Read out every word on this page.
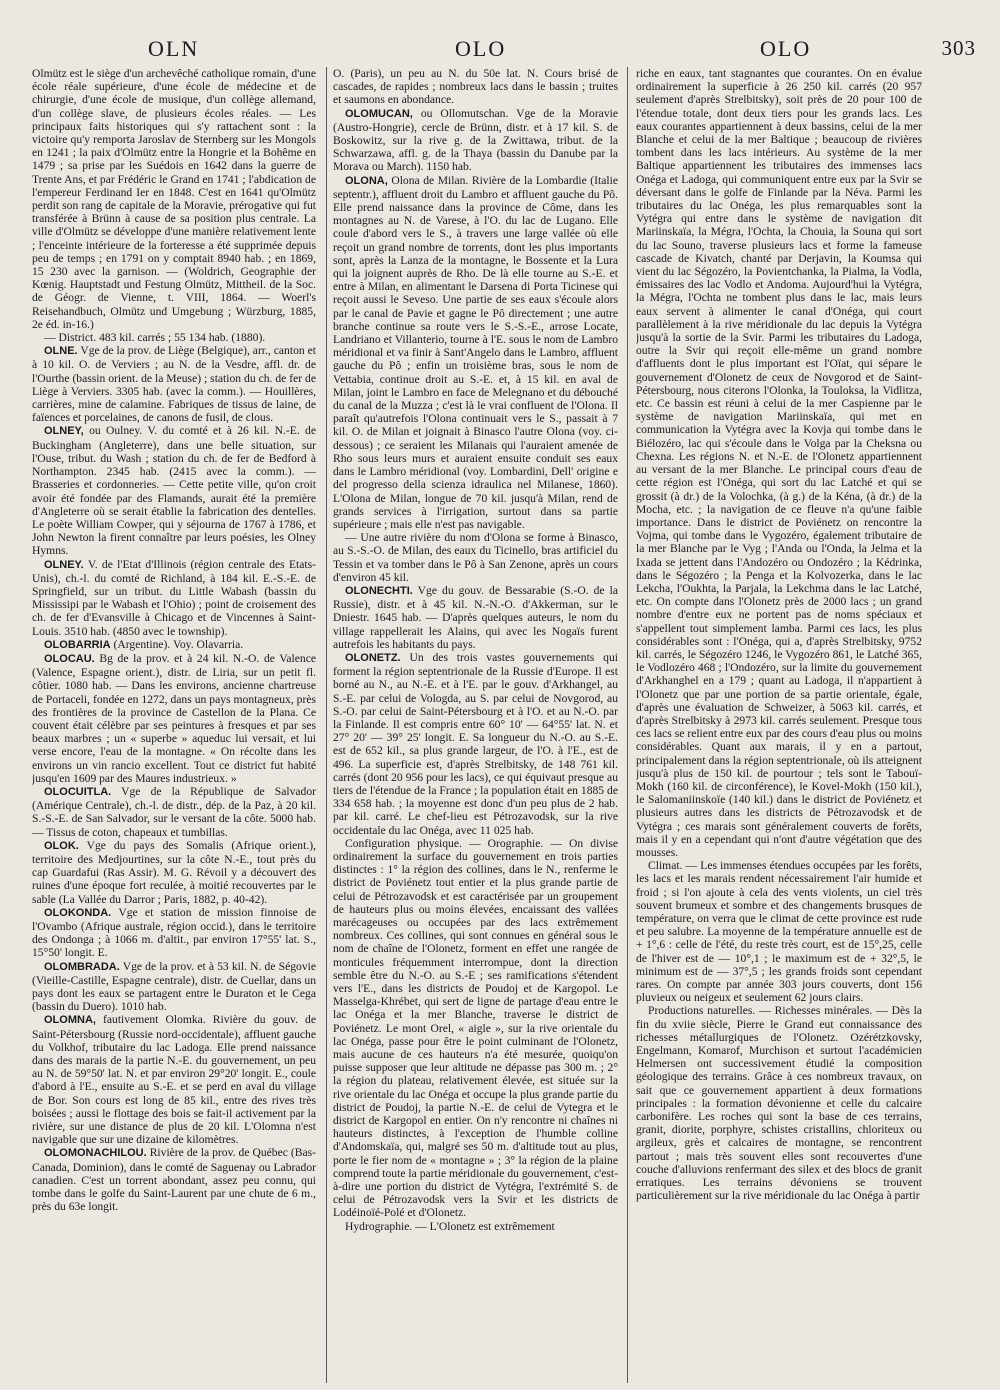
OLN	OLO	OLO	303

Olmütz est le siège d'un archevêché catholique romain, d'une école réale supérieure, d'une école de médecine et de chirurgie, d'une école de musique, d'un collège allemand, d'un collège slave, de plusieurs écoles réales. — Les principaux faits historiques qui s'y rattachent sont : la victoire qu'y remporta Jaroslav de Sternberg sur les Mongols en 1241 ; la paix d'Olmütz entre la Hongrie et la Bohême en 1479 ; sa prise par les Suédois en 1642 dans la guerre de Trente Ans, et par Frédéric le Grand en 1741 ; l'abdication de l'empereur Ferdinand Ier en 1848. C'est en 1641 qu'Olmütz perdit son rang de capitale de la Moravie, prérogative qui fut transférée à Brünn à cause de sa position plus centrale. La ville d'Olmütz se développe d'une manière relativement lente ; l'enceinte intérieure de la forteresse a été supprimée depuis peu de temps ; en 1791 on y comptait 8940 hab. ; en 1869, 15 230 avec la garnison. — (Woldrich, Geographie der Kœnig. Hauptstadt und Festung Olmütz, Mittheil. de la Soc. de Géogr. de Vienne, t. VIII, 1864. — Woerl's Reisehandbuch, Olmütz und Umgebung ; Würzburg, 1885, 2e éd. in-16.)

— District. 483 kil. carrés ; 55 134 hab. (1880).

OLNE. Vge de la prov. de Liège (Belgique), arr., canton et à 10 kil. O. de Verviers ; au N. de la Vesdre, affl. dr. de l'Ourthe (bassin orient. de la Meuse) ; station du ch. de fer de Liège à Verviers. 3305 hab. (avec la comm.). — Houillères, carrières, mine de calamine. Fabriques de tissus de laine, de faïences et porcelaines, de canons de fusil, de clous.

OLNEY, ou Oulney. V. du comté et à 26 kil. N.-E. de Buckingham (Angleterre), dans une belle situation, sur l'Ouse, tribut. du Wash ; station du ch. de fer de Bedford à Northampton. 2345 hab. (2415 avec la comm.). — Brasseries et cordonneries. — Cette petite ville, qu'on croit avoir été fondée par des Flamands, aurait été la première d'Angleterre où se serait établie la fabrication des dentelles. Le poète William Cowper, qui y séjourna de 1767 à 1786, et John Newton la firent connaître par leurs poésies, les Olney Hymns.

OLNEY. V. de l'Etat d'Illinois (région centrale des Etats-Unis), ch.-l. du comté de Richland, à 184 kil. E.-S.-E. de Springfield, sur un tribut. du Little Wabash (bassin du Mississipi par le Wabash et l'Ohio) ; point de croisement des ch. de fer d'Evansville à Chicago et de Vincennes à Saint-Louis. 3510 hab. (4850 avec le township).

OLOBARRIA (Argentine). Voy. Olavarria.

OLOCAU. Bg de la prov. et à 24 kil. N.-O. de Valence (Valence, Espagne orient.), distr. de Liria, sur un petit fl. côtier. 1080 hab. — Dans les environs, ancienne chartreuse de Portaceli, fondée en 1272, dans un pays montagneux, près des frontières de la province de Castellon de la Plana. Ce couvent était célèbre par ses peintures à fresques et par ses beaux marbres ; un « superbe » aqueduc lui versait, et lui verse encore, l'eau de la montagne. « On récolte dans les environs un vin rancio excellent. Tout ce district fut habité jusqu'en 1609 par des Maures industrieux. »

OLOCUITLA. Vge de la République de Salvador (Amérique Centrale), ch.-l. de distr., dép. de la Paz, à 20 kil. S.-S.-E. de San Salvador, sur le versant de la côte. 5000 hab. — Tissus de coton, chapeaux et tumbillas.

OLOK. Vge du pays des Somalis (Afrique orient.), territoire des Medjourtines, sur la côte N.-E., tout près du cap Guardafui (Ras Assir). M. G. Révoil y a découvert des ruines d'une époque fort reculée, à moitié recouvertes par le sable (La Vallée du Darror ; Paris, 1882, p. 40-42).

OLOKONDA. Vge et station de mission finnoise de l'Ovambo (Afrique australe, région occid.), dans le territoire des Ondonga ; à 1066 m. d'altit., par environ 17°55' lat. S., 15°50' longit. E.

OLOMBRADA. Vge de la prov. et à 53 kil. N. de Ségovie (Vieille-Castille, Espagne centrale), distr. de Cuellar, dans un pays dont les eaux se partagent entre le Duraton et le Cega (bassin du Duero). 1010 hab.

OLOMNA, fautivement Olomka. Rivière du gouv. de Saint-Pétersbourg (Russie nord-occidentale), affluent gauche du Volkhof, tributaire du lac Ladoga. Elle prend naissance dans des marais de la partie N.-E. du gouvernement, un peu au N. de 59°50' lat. N. et par environ 29°20' longit. E., coule d'abord à l'E., ensuite au S.-E. et se perd en aval du village de Bor. Son cours est long de 85 kil., entre des rives très boisées ; aussi le flottage des bois se fait-il activement par la rivière, sur une distance de plus de 20 kil. L'Olomna n'est navigable que sur une dizaine de kilomètres.

OLOMONACHILOU. Rivière de la prov. de Québec (Bas-Canada, Dominion), dans le comté de Saguenay ou Labrador canadien. C'est un torrent abondant, assez peu connu, qui tombe dans le golfe du Saint-Laurent par une chute de 6 m., près du 63e longit.

O. (Paris), un peu au N. du 50e lat. N. Cours brisé de cascades, de rapides ; nombreux lacs dans le bassin ; truites et saumons en abondance.

OLOMUCAN, ou Ollomutschan. Vge de la Moravie (Austro-Hongrie), cercle de Brünn, distr. et à 17 kil. S. de Boskowitz, sur la rive g. de la Zwittawa, tribut. de la Schwarzawa, affl. g. de la Thaya (bassin du Danube par la Morava ou March). 1150 hab.

OLONA, Olona de Milan. Rivière de la Lombardie (Italie septentr.), affluent droit du Lambro et affluent gauche du Pô. Elle prend naissance dans la province de Côme, dans les montagnes au N. de Varese, à l'O. du lac de Lugano. Elle coule d'abord vers le S., à travers une large vallée où elle reçoit un grand nombre de torrents, dont les plus importants sont, après la Lanza de la montagne, le Bossente et la Lura qui la joignent auprès de Rho. De là elle tourne au S.-E. et entre à Milan, en alimentant le Darsena di Porta Ticinese qui reçoit aussi le Seveso. Une partie de ses eaux s'écoule alors par le canal de Pavie et gagne le Pô directement ; une autre branche continue sa route vers le S.-S.-E., arrose Locate, Landriano et Villanterio, tourne à l'E. sous le nom de Lambro méridional et va finir à Sant'Angelo dans le Lambro, affluent gauche du Pô ; enfin un troisième bras, sous le nom de Vettabia, continue droit au S.-E. et, à 15 kil. en aval de Milan, joint le Lambro en face de Melegnano et du débouché du canal de la Muzza ; c'est là le vrai confluent de l'Olona. Il paraît qu'autrefois l'Olona continuait vers le S., passait à 7 kil. O. de Milan et joignait à Binasco l'autre Olona (voy. ci-dessous) ; ce seraient les Milanais qui l'auraient amenée de Rho sous leurs murs et auraient ensuite conduit ses eaux dans le Lambro méridional (voy. Lombardini, Dell' origine e del progresso della scienza idraulica nel Milanese, 1860). L'Olona de Milan, longue de 70 kil. jusqu'à Milan, rend de grands services à l'irrigation, surtout dans sa partie supérieure ; mais elle n'est pas navigable.

— Une autre rivière du nom d'Olona se forme à Binasco, au S.-S.-O. de Milan, des eaux du Ticinello, bras artificiel du Tessin et va tomber dans le Pô à San Zenone, après un cours d'environ 45 kil.

OLONECHTI. Vge du gouv. de Bessarabie (S.-O. de la Russie), distr. et à 45 kil. N.-N.-O. d'Akkerman, sur le Dniestr. 1645 hab. — D'après quelques auteurs, le nom du village rappellerait les Alains, qui avec les Nogaïs furent autrefois les habitants du pays.

OLONETZ. Un des trois vastes gouvernements qui forment la région septentrionale de la Russie d'Europe. Il est borné au N., au N.-E. et à l'E. par le gouv. d'Arkhangel, au S.-E. par celui de Vologda, au S. par celui de Novgorod, au S.-O. par celui de Saint-Pétersbourg et à l'O. et au N.-O. par la Finlande. Il est compris entre 60° 10' — 64°55' lat. N. et 27° 20' — 39° 25' longit. E. Sa longueur du N.-O. au S.-E. est de 652 kil., sa plus grande largeur, de l'O. à l'E., est de 496. La superficie est, d'après Strelbitsky, de 148 761 kil. carrés (dont 20 956 pour les lacs), ce qui équivaut presque au tiers de l'étendue de la France ; la population était en 1885 de 334 658 hab. ; la moyenne est donc d'un peu plus de 2 hab. par kil. carré. Le chef-lieu est Pétrozavodsk, sur la rive occidentale du lac Onéga, avec 11 025 hab.

Configuration physique. — Orographie. — On divise ordinairement la surface du gouvernement en trois parties distinctes : 1° la région des collines, dans le N., renferme le district de Poviénetz tout entier et la plus grande partie de celui de Pétrozavodsk et est caractérisée par un groupement de hauteurs plus ou moins élevées, encaissant des vallées marécageuses ou occupées par des lacs extrêmement nombreux. Ces collines, qui sont connues en général sous le nom de chaîne de l'Olonetz, forment en effet une rangée de monticules fréquemment interrompue, dont la direction semble être du N.-O. au S.-E ; ses ramifications s'étendent vers l'E., dans les districts de Poudoj et de Kargopol. Le Masselga-Khrébet, qui sert de ligne de partage d'eau entre le lac Onéga et la mer Blanche, traverse le district de Poviénetz. Le mont Orel, « aigle », sur la rive orientale du lac Onéga, passe pour être le point culminant de l'Olonetz, mais aucune de ces hauteurs n'a été mesurée, quoiqu'on puisse supposer que leur altitude ne dépasse pas 300 m. ; 2° la région du plateau, relativement élevée, est située sur la rive orientale du lac Onéga et occupe la plus grande partie du district de Poudoj, la partie N.-E. de celui de Vytegra et le district de Kargopol en entier. On n'y rencontre ni chaînes ni hauteurs distinctes, à l'exception de l'humble colline d'Andomskaïa, qui, malgré ses 50 m. d'altitude tout au plus, porte le fier nom de « montagne » ; 3° la région de la plaine comprend toute la partie méridionale du gouvernement, c'est-à-dire une portion du district de Vytégra, l'extrémité S. de celui de Pétrozavodsk vers la Svir et les districts de Lodéinoïé-Polé et d'Olonetz.

Hydrographie. — L'Olonetz est extrêmement

riche en eaux, tant stagnantes que courantes. On en évalue ordinairement la superficie à 26 250 kil. carrés (20 957 seulement d'après Strelbitsky), soit près de 20 pour 100 de l'étendue totale, dont deux tiers pour les grands lacs. Les eaux courantes appartiennent à deux bassins, celui de la mer Blanche et celui de la mer Baltique ; beaucoup de rivières tombent dans les lacs intérieurs. Au système de la mer Baltique appartiennent les tributaires des immenses lacs Onéga et Ladoga, qui communiquent entre eux par la Svir se déversant dans le golfe de Finlande par la Néva. Parmi les tributaires du lac Onéga, les plus remarquables sont la Vytégra qui entre dans le système de navigation dit Mariinskaïa, la Mégra, l'Ochta, la Chouia, la Souna qui sort du lac Souno, traverse plusieurs lacs et forme la fameuse cascade de Kivatch, chanté par Derjavin, la Koumsa qui vient du lac Ségozéro, la Povientchanka, la Pialma, la Vodla, émissaires des lac Vodlo et Andoma. Aujourd'hui la Vytégra, la Mégra, l'Ochta ne tombent plus dans le lac, mais leurs eaux servent à alimenter le canal d'Onéga, qui court parallèlement à la rive méridionale du lac depuis la Vytégra jusqu'à la sortie de la Svir. Parmi les tributaires du Ladoga, outre la Svir qui reçoit elle-même un grand nombre d'affluents dont le plus important est l'Oïat, qui sépare le gouvernement d'Olonetz de ceux de Novgorod et de Saint-Pétersbourg, nous citerons l'Olonka, la Touloksa, la Vidlitza, etc. Ce bassin est réuni à celui de la mer Caspienne par le système de navigation Mariinskaïa, qui met en communication la Vytégra avec la Kovja qui tombe dans le Biélozéro, lac qui s'écoule dans le Volga par la Cheksna ou Chexna. Les régions N. et N.-E. de l'Olonetz appartiennent au versant de la mer Blanche. Le principal cours d'eau de cette région est l'Onéga, qui sort du lac Latché et qui se grossit (à dr.) de la Volochka, (à g.) de la Kéna, (à dr.) de la Mocha, etc. ; la navigation de ce fleuve n'a qu'une faible importance. Dans le district de Poviénetz on rencontre la Vojma, qui tombe dans le Vygozéro, également tributaire de la mer Blanche par le Vyg ; l'Anda ou l'Onda, la Jelma et la Ixada se jettent dans l'Andozéro ou Ondozéro ; la Kédrinka, dans le Ségozéro ; la Penga et la Kolvozerka, dans le lac Lekcha, l'Oukhta, la Parjala, la Lekchma dans le lac Latché, etc. On compte dans l'Olonetz près de 2000 lacs ; un grand nombre d'entre eux ne portent pas de noms spéciaux et s'appellent tout simplement lamba. Parmi ces lacs, les plus considérables sont : l'Onéga, qui a, d'après Strelbitsky, 9752 kil. carrés, le Ségozéro 1246, le Vygozéro 861, le Latché 365, le Vodlozéro 468 ; l'Ondozéro, sur la limite du gouvernement d'Arkhanghel en a 179 ; quant au Ladoga, il n'appartient à l'Olonetz que par une portion de sa partie orientale, égale, d'après une évaluation de Schweizer, à 5063 kil. carrés, et d'après Strelbitsky à 2973 kil. carrés seulement. Presque tous ces lacs se relient entre eux par des cours d'eau plus ou moins considérables. Quant aux marais, il y en a partout, principalement dans la région septentrionale, où ils atteignent jusqu'à plus de 150 kil. de pourtour ; tels sont le Tabouï-Mokh (160 kil. de circonférence), le Kovel-Mokh (150 kil.), le Salomaniinskoïe (140 kil.) dans le district de Poviénetz et plusieurs autres dans les districts de Pétrozavodsk et de Vytégra ; ces marais sont généralement couverts de forêts, mais il y en a cependant qui n'ont d'autre végétation que des mousses.

Climat. — Les immenses étendues occupées par les forêts, les lacs et les marais rendent nécessairement l'air humide et froid ; si l'on ajoute à cela des vents violents, un ciel très souvent brumeux et sombre et des changements brusques de température, on verra que le climat de cette province est rude et peu salubre. La moyenne de la température annuelle est de + 1°,6 : celle de l'été, du reste très court, est de 15°,25, celle de l'hiver est de — 10°,1 ; le maximum est de + 32°,5, le minimum est de — 37°,5 ; les grands froids sont cependant rares. On compte par année 303 jours couverts, dont 156 pluvieux ou neigeux et seulement 62 jours clairs.

Productions naturelles. — Richesses minérales. — Dès la fin du xviie siècle, Pierre le Grand eut connaissance des richesses métallurgiques de l'Olonetz. Ozérétzkovsky, Engelmann, Komarof, Murchison et surtout l'académicien Helmersen ont successivement étudié la composition géologique des terrains. Grâce à ces nombreux travaux, on sait que ce gouvernement appartient à deux formations principales : la formation dévonienne et celle du calcaire carbonifère. Les roches qui sont la base de ces terrains, granit, diorite, porphyre, schistes cristallins, chloriteux ou argileux, grès et calcaires de montagne, se rencontrent partout ; mais très souvent elles sont recouvertes d'une couche d'alluvions renfermant des silex et des blocs de granit erratiques. Les terrains dévoniens se trouvent particulièrement sur la rive méridionale du lac Onéga à partir
